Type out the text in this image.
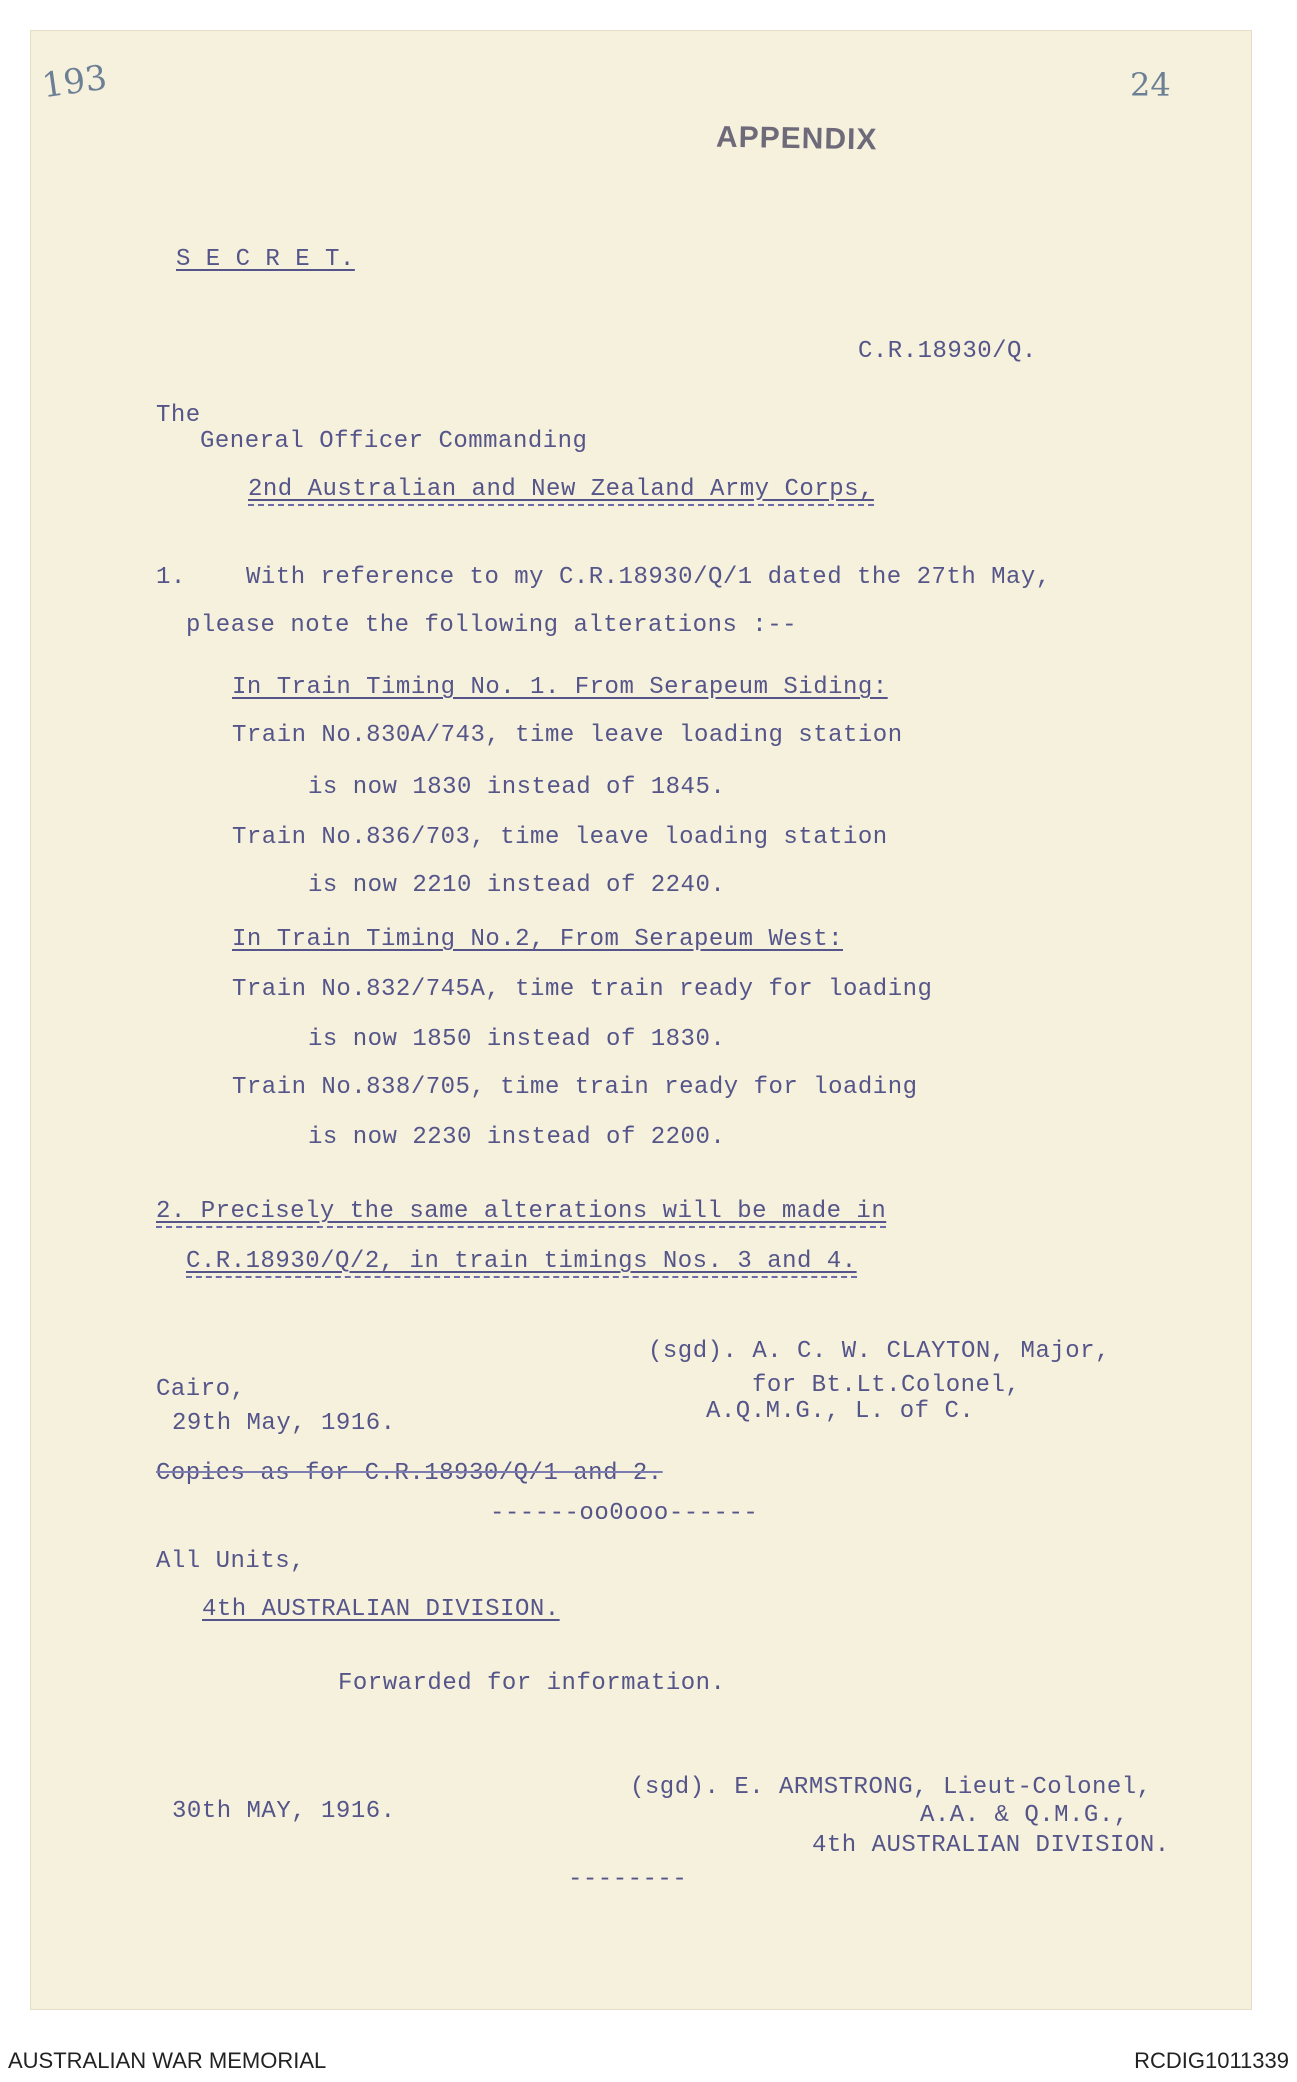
193	24
APPENDIX
S E C R E T.
C.R.18930/Q.
The
General Officer Commanding
2nd Australian and New Zealand Army Corps,
1.	With reference to my C.R.18930/Q/1 dated the 27th May,
please note the following alterations :--
In Train Timing No. 1. From Serapeum Siding:
Train No.830A/743, time leave loading station
is now 1830 instead of 1845.
Train No.836/703, time leave loading station
is now 2210 instead of 2240.
In Train Timing No.2, From Serapeum West:
Train No.832/745A, time train ready for loading
is now 1850 instead of 1830.
Train No.838/705, time train ready for loading
is now 2230 instead of 2200.
2. Precisely the same alterations will be made in
C.R.18930/Q/2, in train timings Nos. 3 and 4.
(sgd). A. C. W. CLAYTON, Major,
for Bt.Lt.Colonel,
A.Q.M.G., L. of C.
Cairo,
29th May, 1916.
Copies as for C.R.18930/Q/1 and 2.
------oo0ooo------
All Units,
4th AUSTRALIAN DIVISION.
Forwarded for information.
(sgd). E. ARMSTRONG, Lieut-Colonel,
A.A. & Q.M.G.,
4th AUSTRALIAN DIVISION.
30th MAY, 1916.
--------
AUSTRALIAN WAR MEMORIAL	RCDIG1011339
